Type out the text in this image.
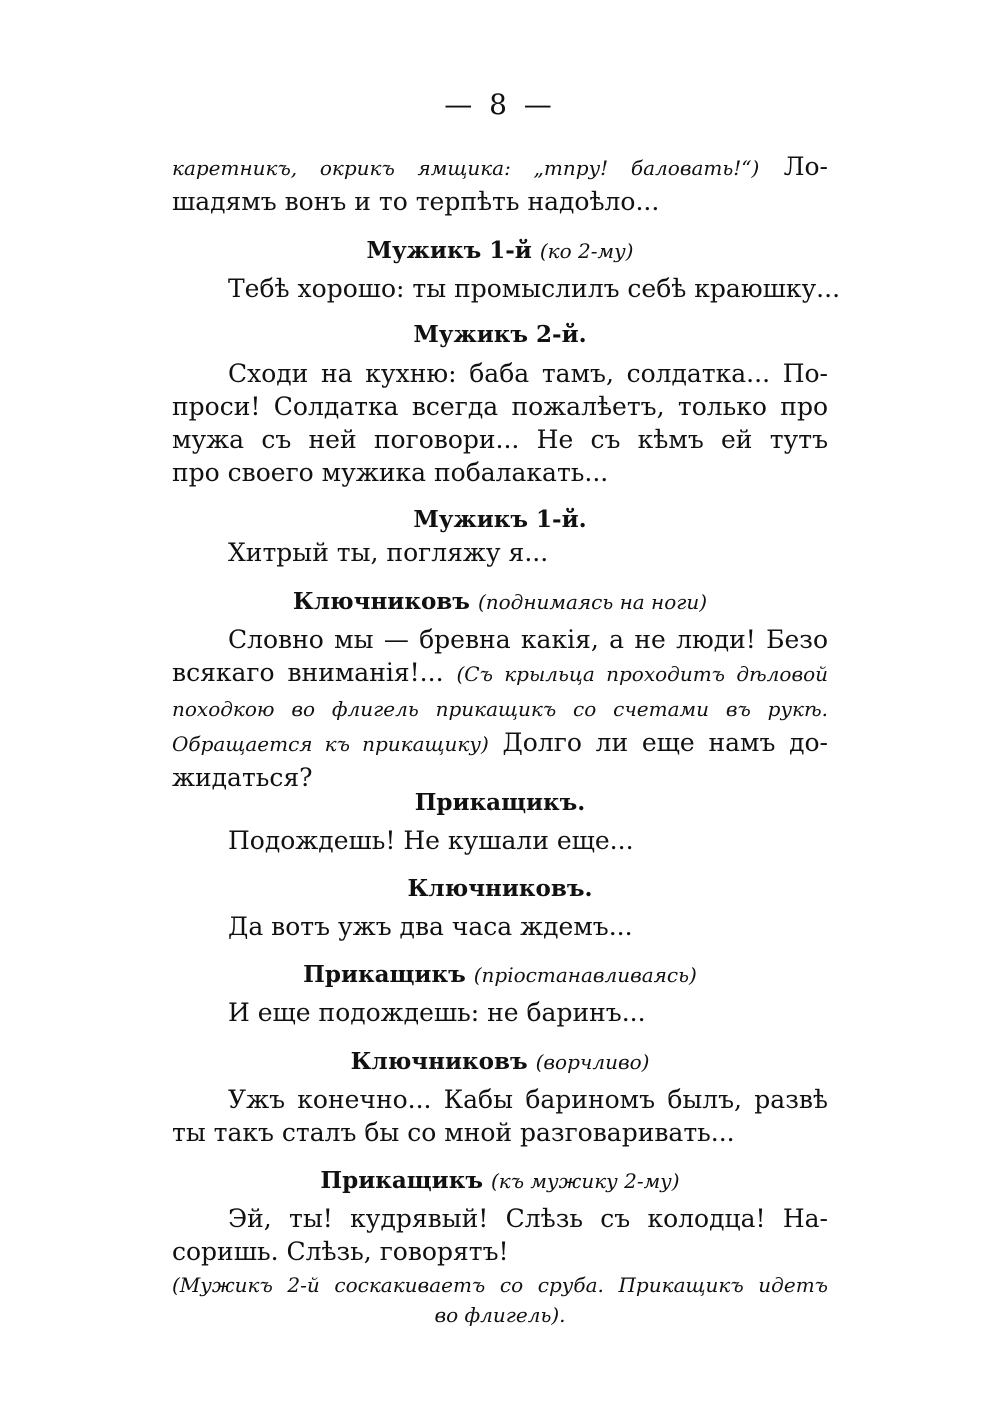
— 8 —
каретникъ, окрикъ ямщика: „тпру! баловать!“) Ло-
шадямъ вонъ и то терпѣть надоѣло...
Мужикъ 1-й (ко 2-му)
Тебѣ хорошо: ты промыслилъ себѣ краюшку...
Мужикъ 2-й.
Сходи на кухню: баба тамъ, солдатка... По-
проси! Солдатка всегда пожалѣетъ, только про
мужа съ ней поговори... Не съ кѣмъ ей тутъ
про своего мужика побалакать...
Мужикъ 1-й.
Хитрый ты, погляжу я...
Ключниковъ (поднимаясь на ноги)
Словно мы — бревна какія, а не люди! Безо
всякаго вниманія!... (Съ крыльца проходитъ дѣловой
походкою во флигель прикащикъ со счетами въ рукѣ.
Обращается къ прикащику) Долго ли еще намъ до-
жидаться?
Прикащикъ.
Подождешь! Не кушали еще...
Ключниковъ.
Да вотъ ужъ два часа ждемъ...
Прикащикъ (пріостанавливаясь)
И еще подождешь: не баринъ...
Ключниковъ (ворчливо)
Ужъ конечно... Кабы бариномъ былъ, развѣ
ты такъ сталъ бы со мной разговаривать...
Прикащикъ (къ мужику 2-му)
Эй, ты! кудрявый! Слѣзь съ колодца! На-
соришь. Слѣзь, говорятъ!
(Мужикъ 2-й соскакиваетъ со сруба. Прикащикъ идетъ
во флигель).
